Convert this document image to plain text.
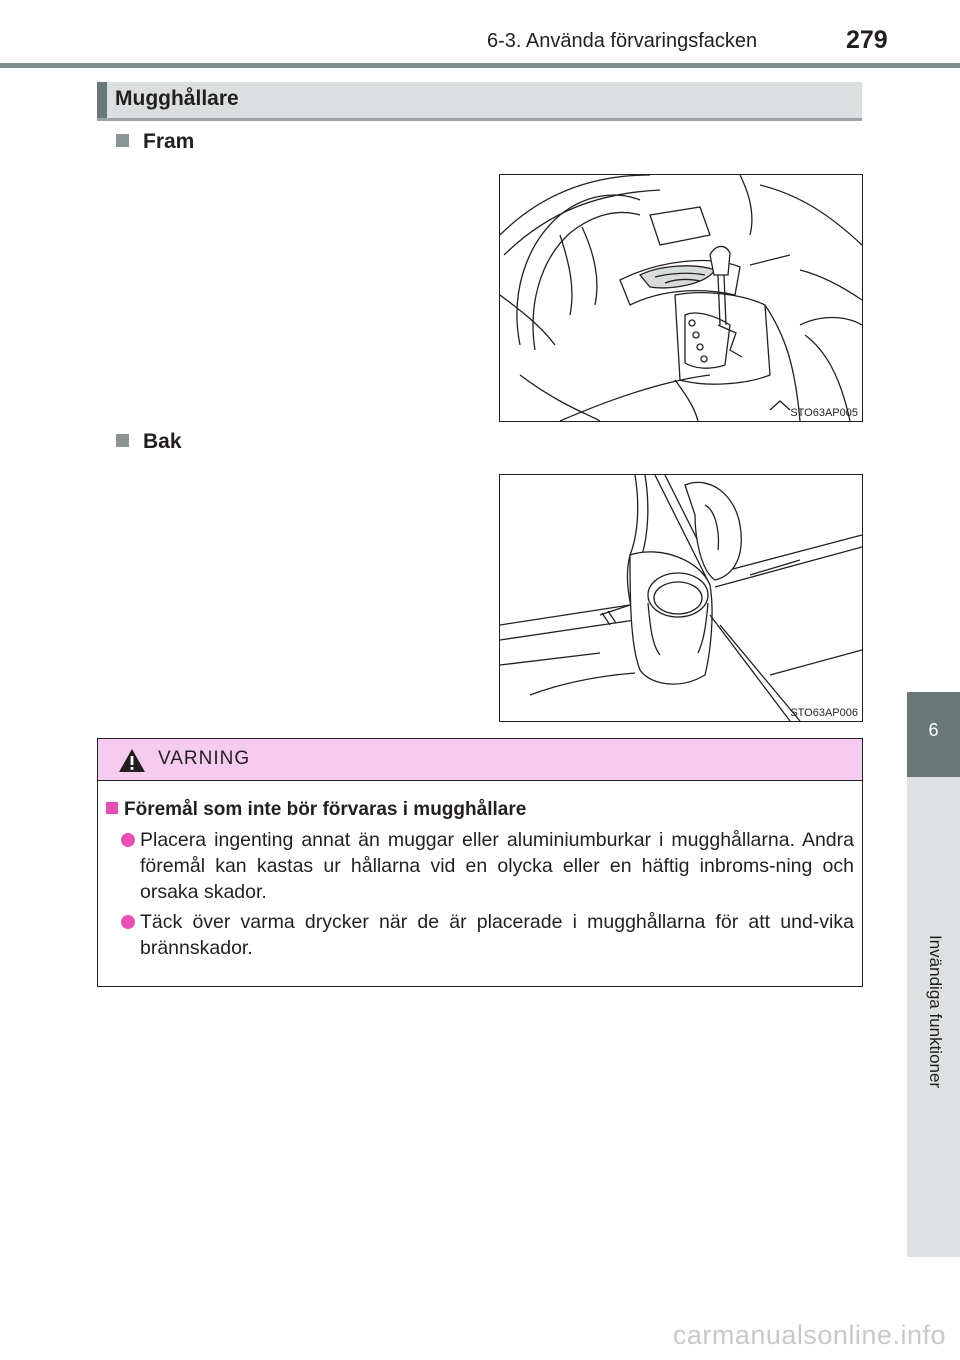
6-3. Använda förvaringsfacken	279
6
Invändiga funktioner
Mugghållare
Fram
STO63AP005
Bak
STO63AP006
VARNING
Föremål som inte bör förvaras i mugghållare
Placera ingenting annat än muggar eller aluminiumburkar i mugghållarna. Andra föremål kan kastas ur hållarna vid en olycka eller en häftig inbroms-ning och orsaka skador.
Täck över varma drycker när de är placerade i mugghållarna för att und-vika brännskador.
carmanualsonline.info
